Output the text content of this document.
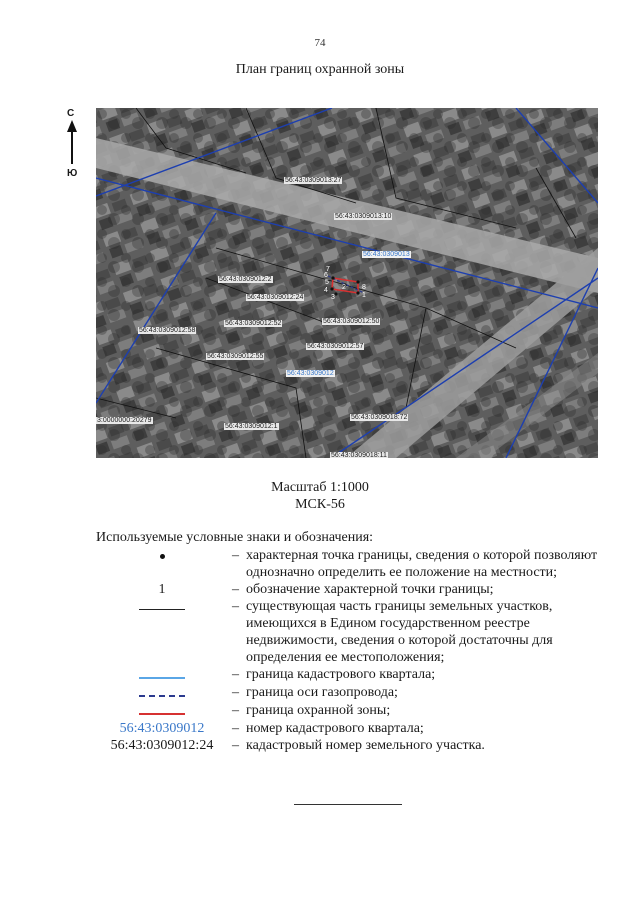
74
План границ охранной зоны
С
Ю
7
6
5
4
3
2 8
1
56:43:0309013:27
56:43:0309013:10
56:43:0309013
56:43:0309012:2
56:43:0309012:24
56:43:0309012:52
56:43:0309012:58
56:43:0309012:50
56:43:0309012:57
56:43:0309012:55
56:43:0309012
3:0000000:20279
56:43:0309012:1
56:43:0309018:72
56:43:0309018:11
Масштаб 1:1000
МСК-56
Используемые условные знаки и обозначения:
– характерная точка границы, сведения о которой позволяют однозначно определить ее положение на местности;
1	– обозначение характерной точки границы;
– существующая часть границы земельных участков, имеющихся в Едином государственном реестре недвижимости, сведения о которой достаточны для определения ее местоположения;
– граница кадастрового квартала;
– граница оси газопровода;
– граница охранной зоны;
56:43:0309012	– номер кадастрового квартала;
56:43:0309012:24	– кадастровый номер земельного участка.
